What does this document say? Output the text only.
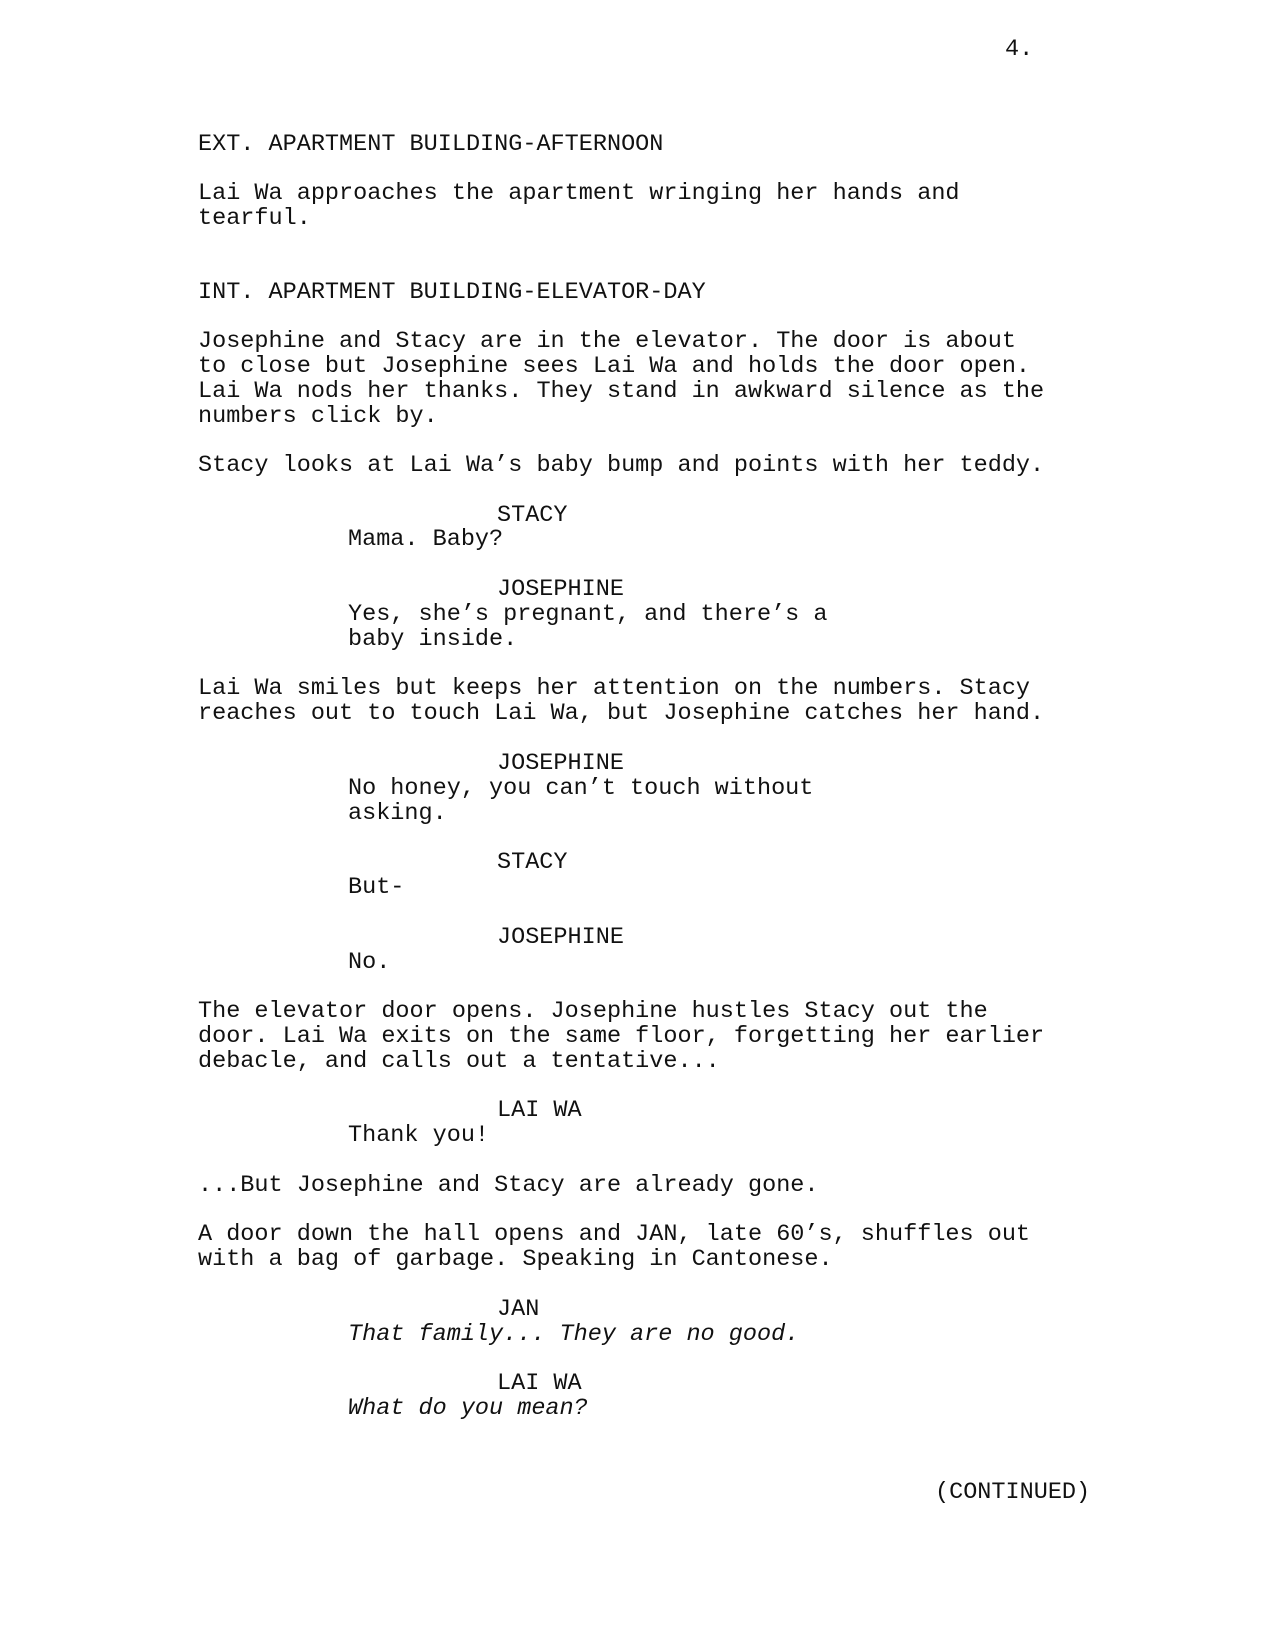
4.
EXT. APARTMENT BUILDING-AFTERNOON
Lai Wa approaches the apartment wringing her hands and
tearful.
INT. APARTMENT BUILDING-ELEVATOR-DAY
Josephine and Stacy are in the elevator. The door is about
to close but Josephine sees Lai Wa and holds the door open.
Lai Wa nods her thanks. They stand in awkward silence as the
numbers click by.
Stacy looks at Lai Wa’s baby bump and points with her teddy.
STACY
Mama. Baby?
JOSEPHINE
Yes, she’s pregnant, and there’s a
baby inside.
Lai Wa smiles but keeps her attention on the numbers. Stacy
reaches out to touch Lai Wa, but Josephine catches her hand.
JOSEPHINE
No honey, you can’t touch without
asking.
STACY
But-
JOSEPHINE
No.
The elevator door opens. Josephine hustles Stacy out the
door. Lai Wa exits on the same floor, forgetting her earlier
debacle, and calls out a tentative...
LAI WA
Thank you!
...But Josephine and Stacy are already gone.
A door down the hall opens and JAN, late 60’s, shuffles out
with a bag of garbage. Speaking in Cantonese.
JAN
That family... They are no good.
LAI WA
What do you mean?
(CONTINUED)
